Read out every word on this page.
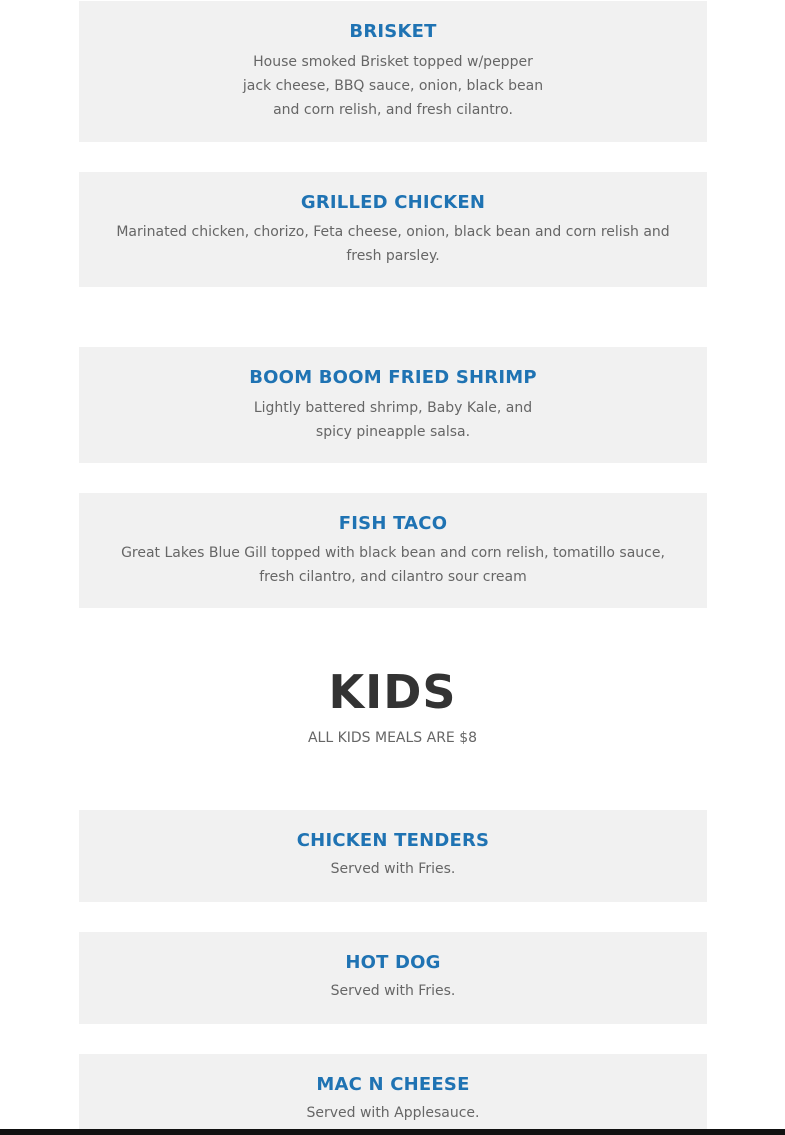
BRISKET

House smoked Brisket topped w/pepper
jack cheese, BBQ sauce, onion, black bean
and corn relish, and fresh cilantro.

GRILLED CHICKEN

Marinated chicken, chorizo, Feta cheese, onion, black bean and corn relish and
fresh parsley.

BOOM BOOM FRIED SHRIMP

Lightly battered shrimp, Baby Kale, and
spicy pineapple salsa.

FISH TACO

Great Lakes Blue Gill topped with black bean and corn relish, tomatillo sauce,
fresh cilantro, and cilantro sour cream

KIDS

ALL KIDS MEALS ARE $8

CHICKEN TENDERS

Served with Fries.

HOT DOG

Served with Fries.

MAC N CHEESE

Served with Applesauce.
